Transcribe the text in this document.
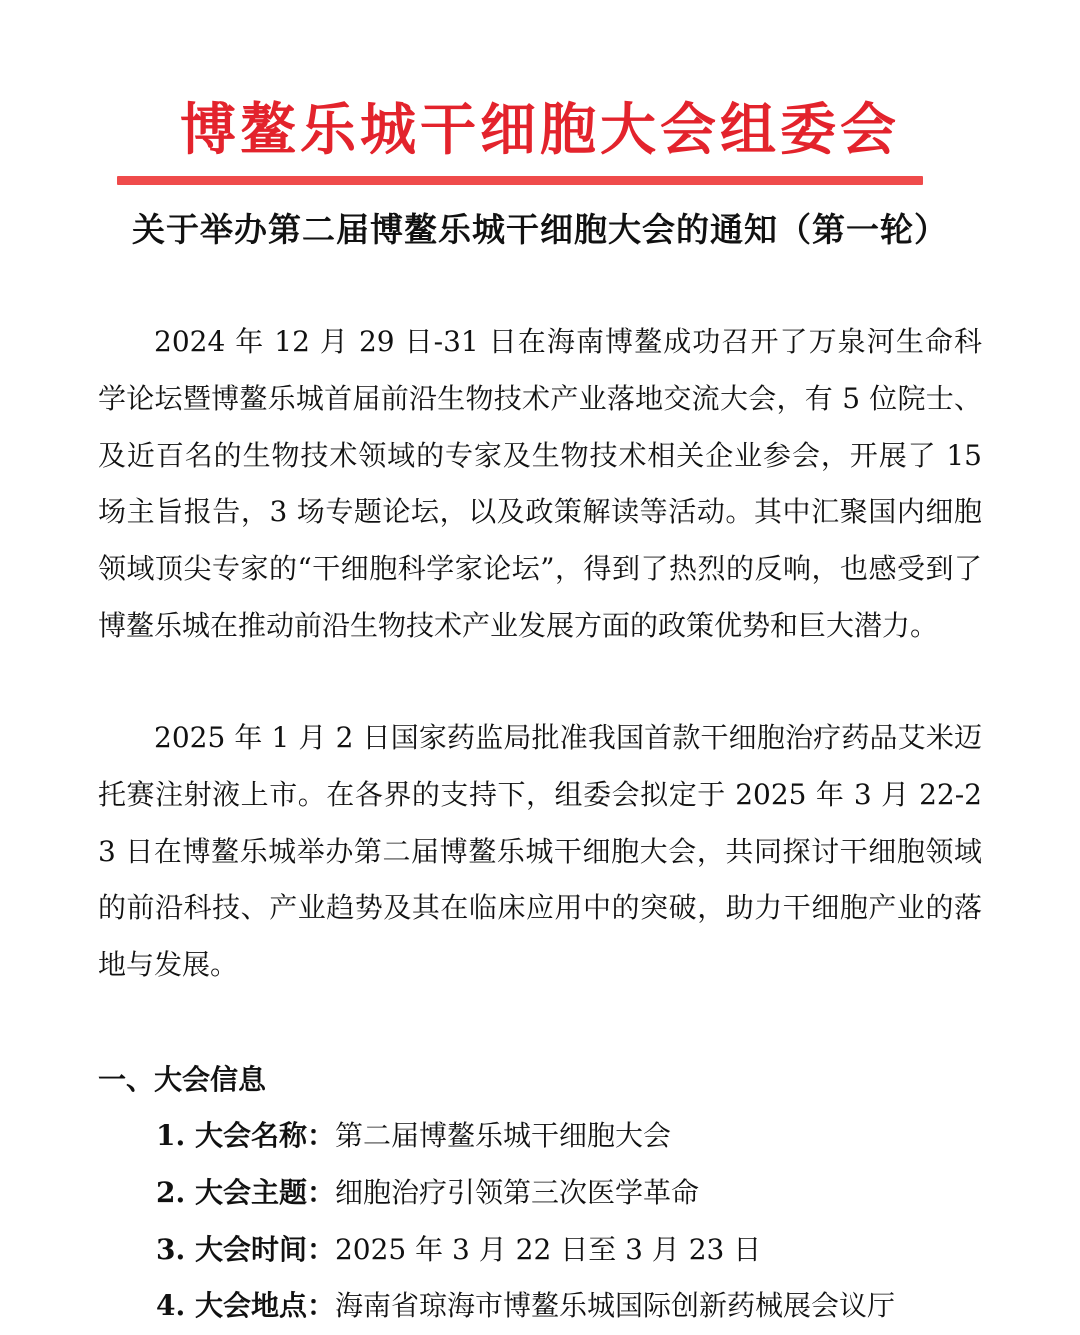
博鳌乐城干细胞大会组委会
关于举办第二届博鳌乐城干细胞大会的通知（第一轮）

2024 年 12 月 29 日-31 日在海南博鳌成功召开了万泉河生命科学论坛暨博鳌乐城首届前沿生物技术产业落地交流大会，有 5 位院士、及近百名的生物技术领域的专家及生物技术相关企业参会，开展了 15 场主旨报告，3 场专题论坛，以及政策解读等活动。其中汇聚国内细胞领域顶尖专家的“干细胞科学家论坛”，得到了热烈的反响，也感受到了博鳌乐城在推动前沿生物技术产业发展方面的政策优势和巨大潜力。

2025 年 1 月 2 日国家药监局批准我国首款干细胞治疗药品艾米迈托赛注射液上市。在各界的支持下，组委会拟定于 2025 年 3 月 22-23 日在博鳌乐城举办第二届博鳌乐城干细胞大会，共同探讨干细胞领域的前沿科技、产业趋势及其在临床应用中的突破，助力干细胞产业的落地与发展。

一、大会信息
1. 大会名称：第二届博鳌乐城干细胞大会
2. 大会主题：细胞治疗引领第三次医学革命
3. 大会时间：2025 年 3 月 22 日至 3 月 23 日
4. 大会地点：海南省琼海市博鳌乐城国际创新药械展会议厅
